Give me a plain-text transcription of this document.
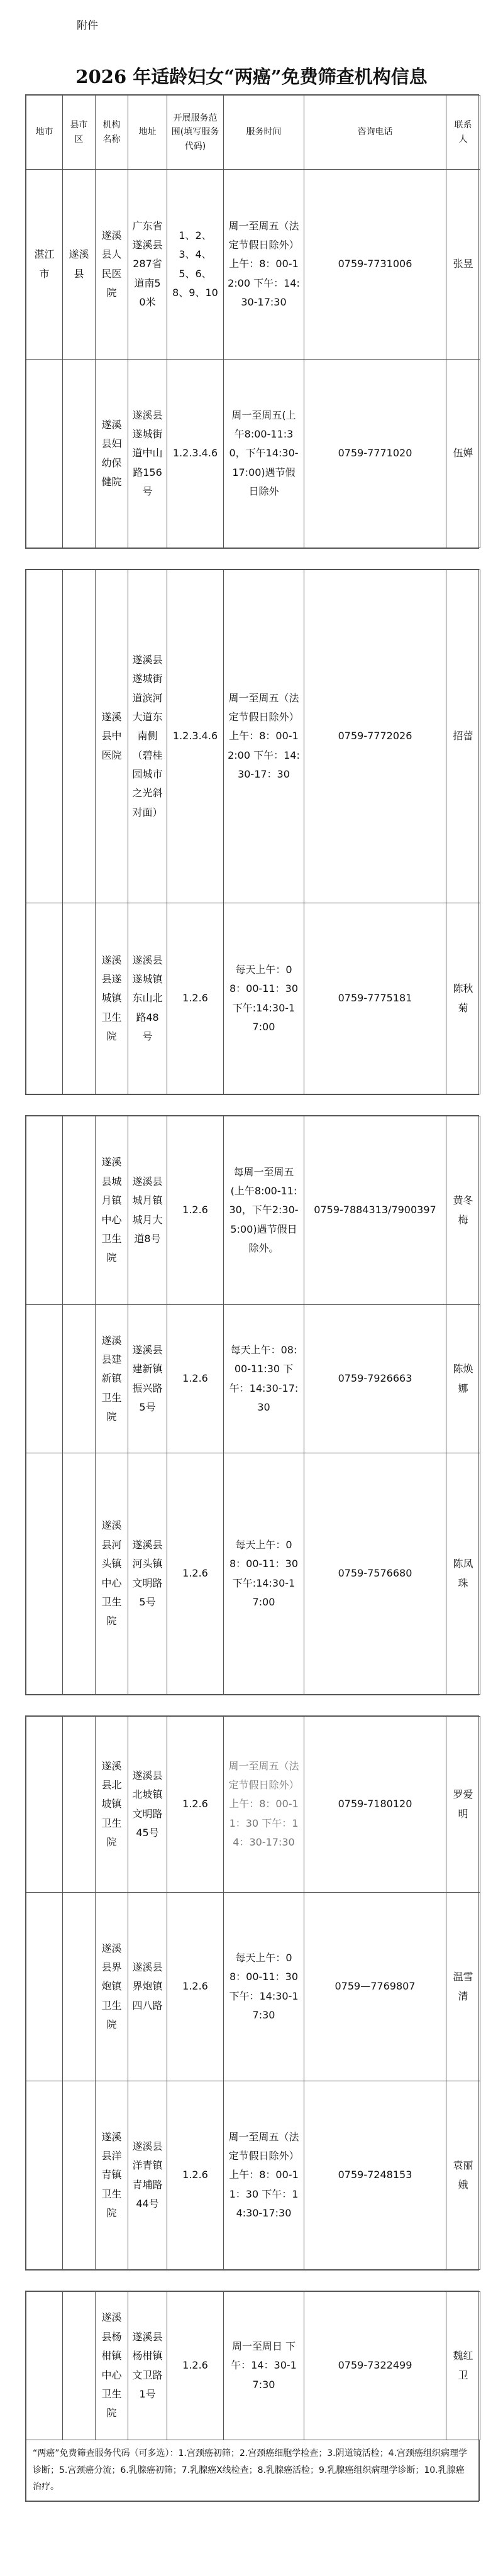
附件
2026 年适龄妇女“两癌”免费筛查机构信息
地市	县市区	机构名称	地址	开展服务范围(填写服务代码)	服务时间	咨询电话	联系人
湛江市	遂溪县	遂溪县人民医院	广东省遂溪县287省道南50米	1、2、3、4、5、6、8、9、10	周一至周五（法定节假日除外）上午：8：00-12:00 下午：14:30-17:30	0759-7731006	张昱
		遂溪县妇幼保健院	遂溪县遂城街道中山路156号	1.2.3.4.6	周一至周五(上午8:00-11:30，下午14:30-17:00)遇节假日除外	0759-7771020	伍婵
		遂溪县中医院	遂溪县遂城街道滨河大道东南侧（碧桂园城市之光斜对面）	1.2.3.4.6	周一至周五（法定节假日除外）上午：8：00-12:00 下午：14:30-17：30	0759-7772026	招蕾
		遂溪县遂城镇卫生院	遂溪县遂城镇东山北路48号	1.2.6	每天上午：08：00-11：30 下午:14:30-17:00	0759-7775181	陈秋菊
		遂溪县城月镇中心卫生院	遂溪县城月镇城月大道8号	1.2.6	每周一至周五(上午8:00-11:30，下午2:30-5:00)遇节假日除外。	0759-7884313/7900397	黄冬梅
		遂溪县建新镇卫生院	遂溪县建新镇振兴路5号	1.2.6	每天上午：08:00-11:30 下午：14:30-17:30	0759-7926663	陈焕娜
		遂溪县河头镇中心卫生院	遂溪县河头镇文明路5号	1.2.6	每天上午：08：00-11：30 下午:14:30-17:00	0759-7576680	陈凤珠
		遂溪县北坡镇卫生院	遂溪县北坡镇文明路45号	1.2.6	周一至周五（法定节假日除外）上午：8：00-11：30 下午：14：30-17:30	0759-7180120	罗爱明
		遂溪县界炮镇卫生院	遂溪县界炮镇四八路	1.2.6	每天上午：08：00-11：30 下午：14:30-17:30	0759—7769807	温雪清
		遂溪县洋青镇卫生院	遂溪县洋青镇青埔路44号	1.2.6	周一至周五（法定节假日除外）上午：8：00-11：30 下午：14:30-17:30	0759-7248153	袁丽娥
		遂溪县杨柑镇中心卫生院	遂溪县杨柑镇文卫路1号	1.2.6	周一至周日 下午：14：30-17:30	0759-7322499	魏红卫
“两癌”免费筛查服务代码（可多选）：1.宫颈癌初筛；2.宫颈癌细胞学检查；3.阴道镜活检；4.宫颈癌组织病理学诊断；5.宫颈癌分流；6.乳腺癌初筛；7.乳腺癌X线检查；8.乳腺癌活检；9.乳腺癌组织病理学诊断；10.乳腺癌治疗。
